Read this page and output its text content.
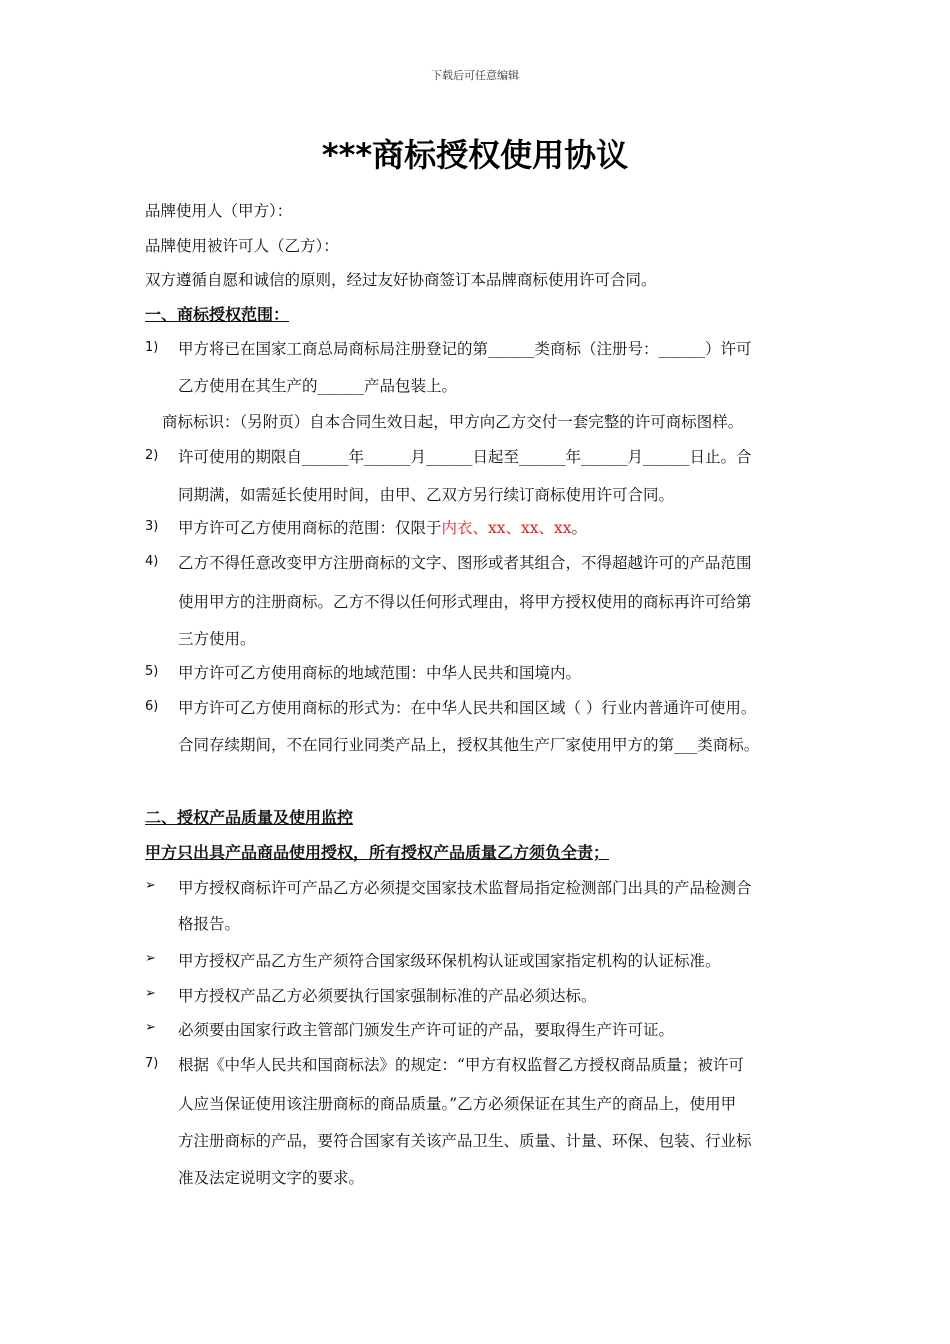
下载后可任意编辑
***商标授权使用协议
品牌使用人（甲方）：
品牌使用被许可人（乙方）：
双方遵循自愿和诚信的原则，经过友好协商签订本品牌商标使用许可合同。
一、商标授权范围：
1) 甲方将已在国家工商总局商标局注册登记的第______类商标（注册号：______）许可
乙方使用在其生产的______产品包装上。
商标标识：（另附页）自本合同生效日起，甲方向乙方交付一套完整的许可商标图样。
2) 许可使用的期限自______年______月______日起至______年______月______日止。合
同期满，如需延长使用时间，由甲、乙双方另行续订商标使用许可合同。
3) 甲方许可乙方使用商标的范围：仅限于内衣、xx、xx、xx。
4) 乙方不得任意改变甲方注册商标的文字、图形或者其组合，不得超越许可的产品范围
使用甲方的注册商标。乙方不得以任何形式理由，将甲方授权使用的商标再许可给第
三方使用。
5) 甲方许可乙方使用商标的地域范围：中华人民共和国境内。
6) 甲方许可乙方使用商标的形式为：在中华人民共和国区域（ ）行业内普通许可使用。
合同存续期间，不在同行业同类产品上，授权其他生产厂家使用甲方的第___类商标。
二、授权产品质量及使用监控
甲方只出具产品商品使用授权，所有授权产品质量乙方须负全责；
➢ 甲方授权商标许可产品乙方必须提交国家技术监督局指定检测部门出具的产品检测合
格报告。
➢ 甲方授权产品乙方生产须符合国家级环保机构认证或国家指定机构的认证标准。
➢ 甲方授权产品乙方必须要执行国家强制标准的产品必须达标。
➢ 必须要由国家行政主管部门颁发生产许可证的产品，要取得生产许可证。
7) 根据《中华人民共和国商标法》的规定：“甲方有权监督乙方授权商品质量；被许可
人应当保证使用该注册商标的商品质量。”乙方必须保证在其生产的商品上，使用甲
方注册商标的产品，要符合国家有关该产品卫生、质量、计量、环保、包装、行业标
准及法定说明文字的要求。
